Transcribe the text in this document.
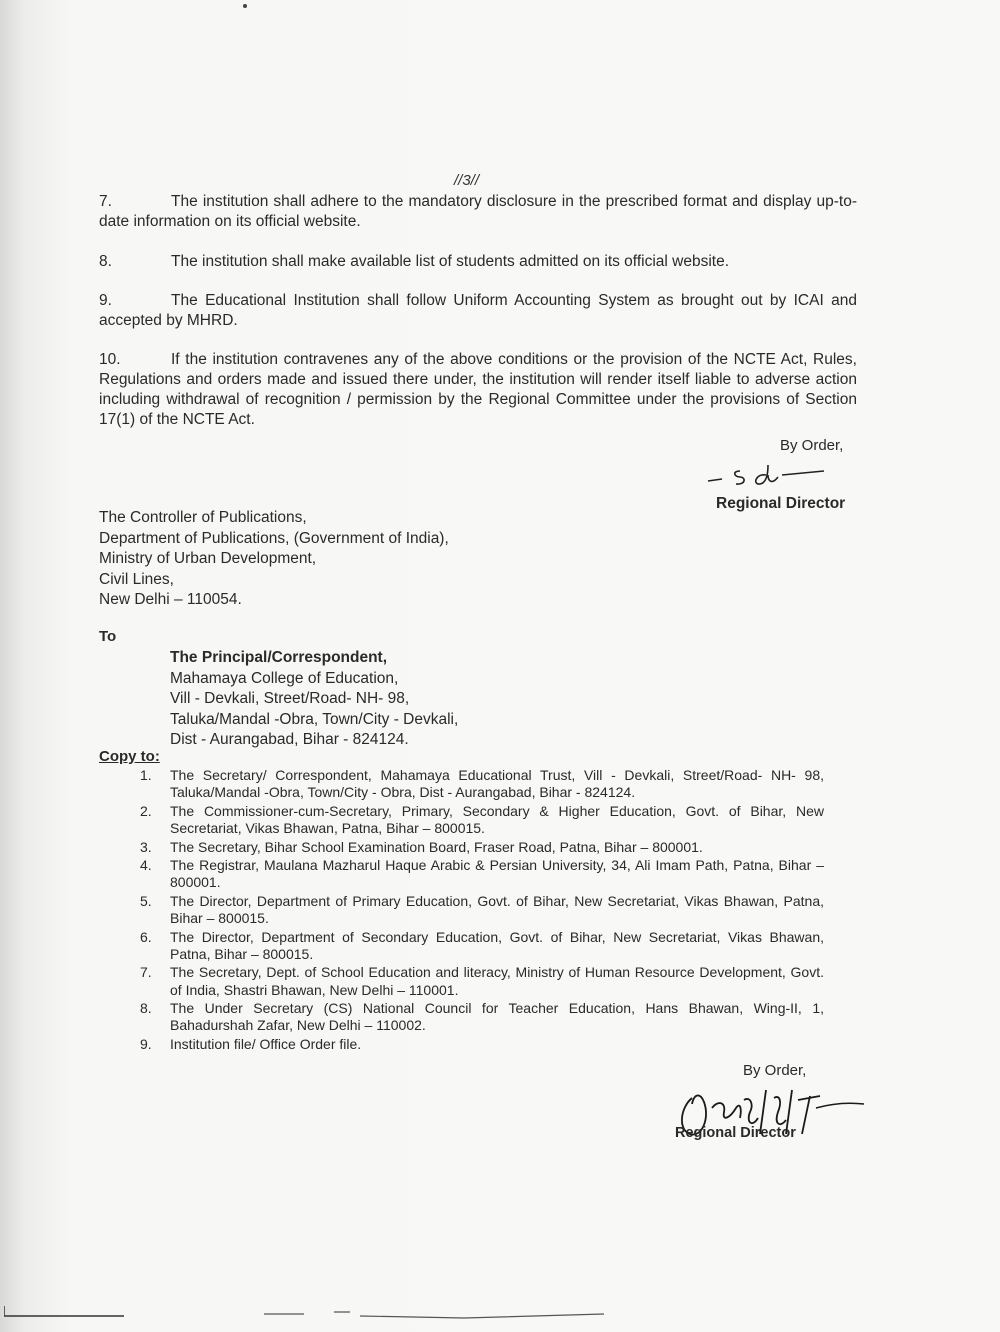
//3//
7.	The institution shall adhere to the mandatory disclosure in the prescribed format and display up-to-date information on its official website.
8.	The institution shall make available list of students admitted on its official website.
9.	The Educational Institution shall follow Uniform Accounting System as brought out by ICAI and accepted by MHRD.
10.	If the institution contravenes any of the above conditions or the provision of the NCTE Act, Rules, Regulations and orders made and issued there under, the institution will render itself liable to adverse action including withdrawal of recognition / permission by the Regional Committee under the provisions of Section 17(1) of the NCTE Act.
By Order,
Regional Director
The Controller of Publications,
Department of Publications, (Government of India),
Ministry of Urban Development,
Civil Lines,
New Delhi – 110054.
To
The Principal/Correspondent,
Mahamaya College of Education,
Vill - Devkali, Street/Road- NH- 98,
Taluka/Mandal -Obra, Town/City - Devkali,
Dist - Aurangabad, Bihar - 824124.
Copy to:
1. The Secretary/ Correspondent, Mahamaya Educational Trust, Vill - Devkali, Street/Road- NH- 98, Taluka/Mandal -Obra, Town/City - Obra, Dist - Aurangabad, Bihar - 824124.
2. The Commissioner-cum-Secretary, Primary, Secondary & Higher Education, Govt. of Bihar, New Secretariat, Vikas Bhawan, Patna, Bihar – 800015.
3. The Secretary, Bihar School Examination Board, Fraser Road, Patna, Bihar – 800001.
4. The Registrar, Maulana Mazharul Haque Arabic & Persian University, 34, Ali Imam Path, Patna, Bihar – 800001.
5. The Director, Department of Primary Education, Govt. of Bihar, New Secretariat, Vikas Bhawan, Patna, Bihar – 800015.
6. The Director, Department of Secondary Education, Govt. of Bihar, New Secretariat, Vikas Bhawan, Patna, Bihar – 800015.
7. The Secretary, Dept. of School Education and literacy, Ministry of Human Resource Development, Govt. of India, Shastri Bhawan, New Delhi – 110001.
8. The Under Secretary (CS) National Council for Teacher Education, Hans Bhawan, Wing-II, 1, Bahadurshah Zafar, New Delhi – 110002.
9. Institution file/ Office Order file.
By Order,
Regional Director
